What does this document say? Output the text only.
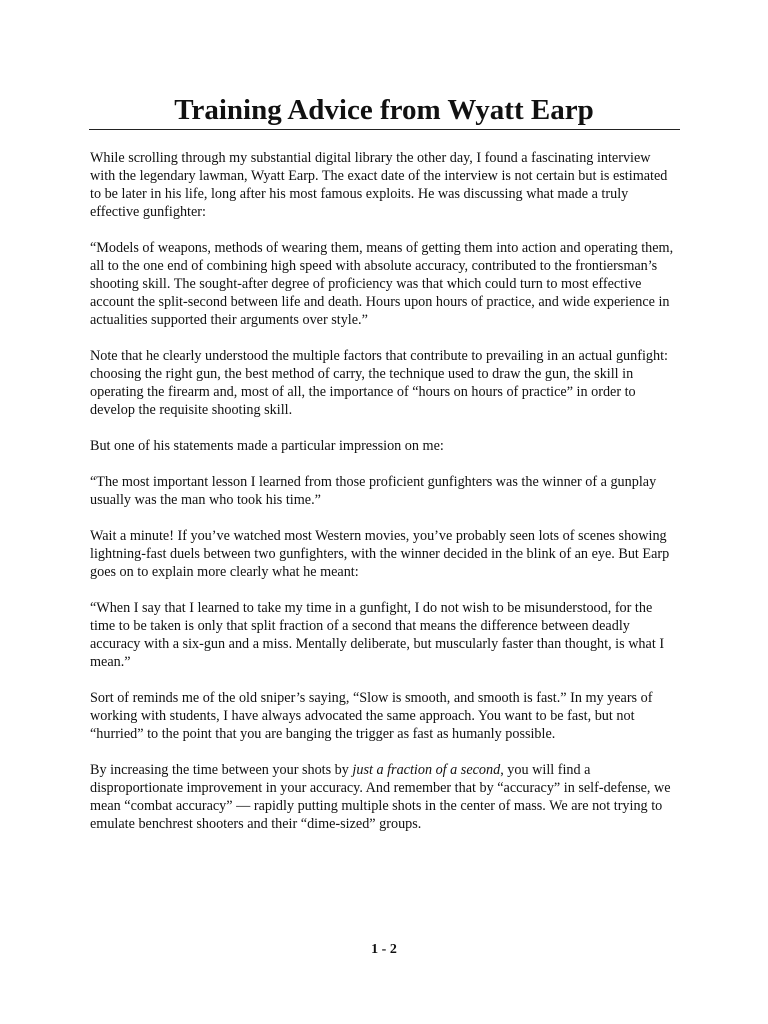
Training Advice from Wyatt Earp

While scrolling through my substantial digital library the other day, I found a fascinating interview with the legendary lawman, Wyatt Earp. The exact date of the interview is not certain but is estimated to be later in his life, long after his most famous exploits. He was discussing what made a truly effective gunfighter:

“Models of weapons, methods of wearing them, means of getting them into action and operating them, all to the one end of combining high speed with absolute accuracy, contributed to the frontiersman’s shooting skill. The sought-after degree of proficiency was that which could turn to most effective account the split-second between life and death. Hours upon hours of practice, and wide experience in actualities supported their arguments over style.”

Note that he clearly understood the multiple factors that contribute to prevailing in an actual gunfight: choosing the right gun, the best method of carry, the technique used to draw the gun, the skill in operating the firearm and, most of all, the importance of “hours on hours of practice” in order to develop the requisite shooting skill.

But one of his statements made a particular impression on me:

“The most important lesson I learned from those proficient gunfighters was the winner of a gunplay usually was the man who took his time.”

Wait a minute! If you’ve watched most Western movies, you’ve probably seen lots of scenes showing lightning-fast duels between two gunfighters, with the winner decided in the blink of an eye. But Earp goes on to explain more clearly what he meant:

“When I say that I learned to take my time in a gunfight, I do not wish to be misunderstood, for the time to be taken is only that split fraction of a second that means the difference between deadly accuracy with a six-gun and a miss. Mentally deliberate, but muscularly faster than thought, is what I mean.”

Sort of reminds me of the old sniper’s saying, “Slow is smooth, and smooth is fast.” In my years of working with students, I have always advocated the same approach. You want to be fast, but not “hurried” to the point that you are banging the trigger as fast as humanly possible.

By increasing the time between your shots by just a fraction of a second, you will find a disproportionate improvement in your accuracy. And remember that by “accuracy” in self-defense, we mean “combat accuracy” — rapidly putting multiple shots in the center of mass. We are not trying to emulate benchrest shooters and their “dime-sized” groups.

1 - 2
